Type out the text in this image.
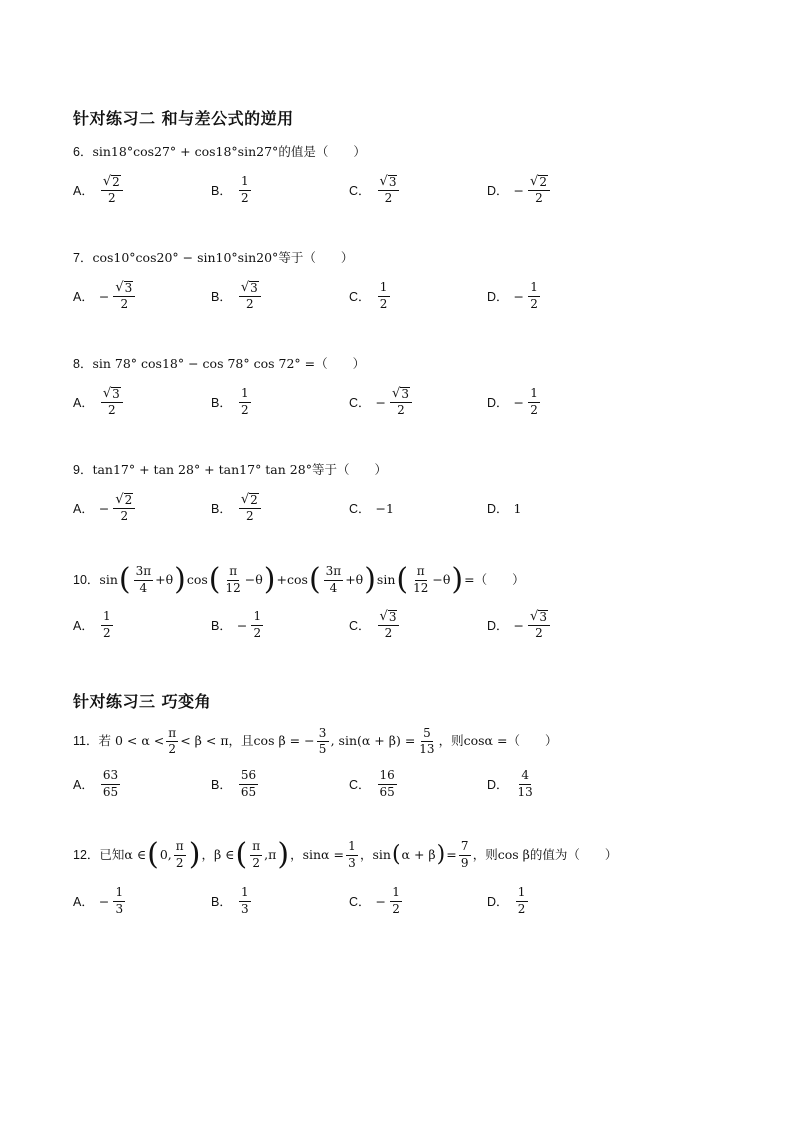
针对练习二 和与差公式的逆用
6． sin18°cos27° + cos18°sin27° 的值是（　　）
A． $\frac{√ 2}{2}$	B． $\frac{1}{2}$	C． $\frac{√ 3}{2}$	D． − $\frac{√ 2}{2}$
7． cos10°cos20° − sin10°sin20° 等于（　　）
A． − $\frac{√ 3}{2}$	B． $\frac{√ 3}{2}$	C． $\frac{1}{2}$	D． − $\frac{1}{2}$
8． sin 78° cos18° − cos 78° cos 72° = （　　）
A． $\frac{√ 3}{2}$	B． $\frac{1}{2}$	C． − $\frac{√ 3}{2}$	D． − $\frac{1}{2}$
9． tan17° + tan 28° + tan17° tan 28° 等于（　　）
A． − $\frac{√ 2}{2}$	B． $\frac{√ 2}{2}$	C． −1	D． 1
10． sin ( $\frac{3\pi}{4} +\theta$ ) cos ( $\frac{\pi}{12} -\theta$ ) + cos ( $\frac{3\pi}{4} +\theta$ ) sin ( $\frac{\pi}{12} -\theta$ ) = （　　）
A． $\frac{1}{2}$	B． − $\frac{1}{2}$	C． $\frac{√ 3}{2}$	D． − $\frac{√ 3}{2}$
针对练习三 巧变角
11． 若 $0 < \alpha < \frac{\pi}{2} < \beta < \pi$，且 cos β = − $\frac{3}{5}$ , $\sin(\alpha + \beta) = \frac{5}{13}$ ，则 cosα = （　　）
A． $\frac{63}{65}$	B． $\frac{56}{65}$	C． $\frac{16}{65}$	D． $\frac{4}{13}$
12． 已知 α ∈ ( 0, $\frac{\pi}{2}$ ) ， β ∈ ( $\frac{\pi}{2} ,\pi$ ) ， $\sin\alpha = \frac{1}{3}$ ， sin ( α + β ) = $\frac{7}{9}$ ，则 cos β 的值为（　　）
A． − $\frac{1}{3}$	B． $\frac{1}{3}$	C． − $\frac{1}{2}$	D． $\frac{1}{2}$
